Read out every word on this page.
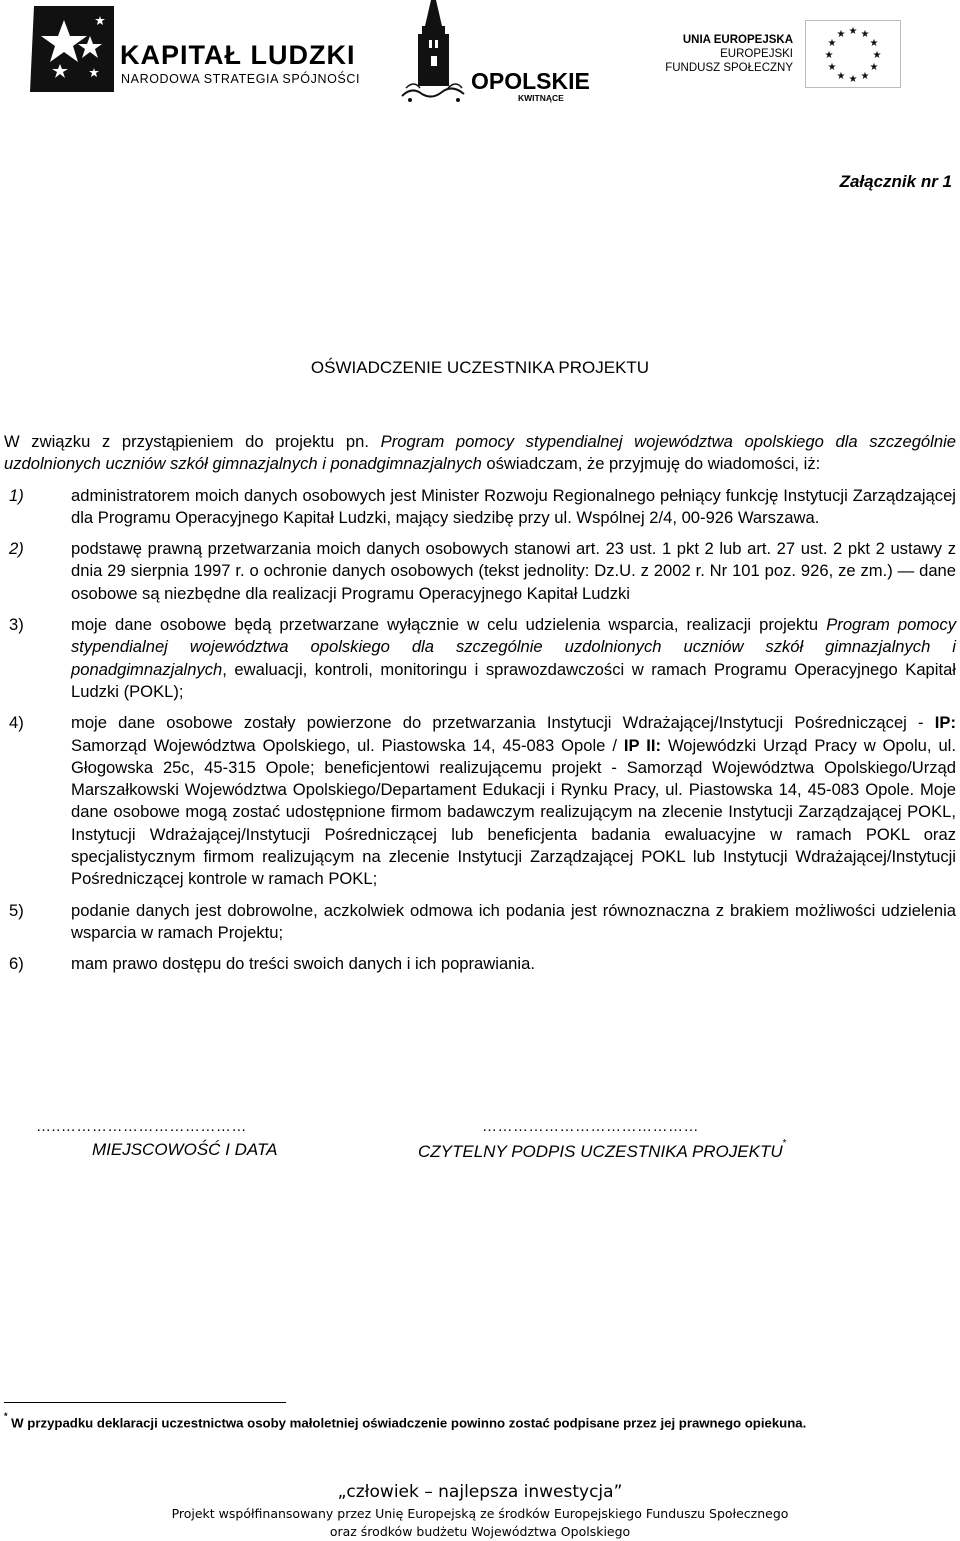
KAPITAŁ LUDZKI
NARODOWA STRATEGIA SPÓJNOŚCI	OPOLSKIE
KWITNĄCE
UNIA EUROPEJSKA
EUROPEJSKI
FUNDUSZ SPOŁECZNY
★ ★
★
★
★
★
★
★
★
★
★
★
Załącznik nr 1
OŚWIADCZENIE UCZESTNIKA PROJEKTU

W związku z przystąpieniem do projektu pn. Program pomocy stypendialnej województwa opolskiego dla szczególnie uzdolnionych uczniów szkół gimnazjalnych i ponadgimnazjalnych oświadczam, że przyjmuję do wiadomości, iż:

1)	administratorem moich danych osobowych jest Minister Rozwoju Regionalnego pełniący funkcję Instytucji Zarządzającej dla Programu Operacyjnego Kapitał Ludzki, mający siedzibę przy ul. Wspólnej 2/4, 00-926 Warszawa.
2)	podstawę prawną przetwarzania moich danych osobowych stanowi art. 23 ust. 1 pkt 2 lub art. 27 ust. 2 pkt 2 ustawy z dnia 29 sierpnia 1997 r. o ochronie danych osobowych (tekst jednolity: Dz.U. z 2002 r. Nr 101 poz. 926, ze zm.) — dane osobowe są niezbędne dla realizacji Programu Operacyjnego Kapitał Ludzki
3)	moje dane osobowe będą przetwarzane wyłącznie w celu udzielenia wsparcia, realizacji projektu Program pomocy stypendialnej województwa opolskiego dla szczególnie uzdolnionych uczniów szkół gimnazjalnych i ponadgimnazjalnych, ewaluacji, kontroli, monitoringu i sprawozdawczości w ramach Programu Operacyjnego Kapitał Ludzki (POKL);
4)	moje dane osobowe zostały powierzone do przetwarzania Instytucji Wdrażającej/Instytucji Pośredniczącej - IP: Samorząd Województwa Opolskiego, ul. Piastowska 14, 45-083 Opole / IP II: Wojewódzki Urząd Pracy w Opolu, ul. Głogowska 25c, 45-315 Opole; beneficjentowi realizującemu projekt - Samorząd Województwa Opolskiego/Urząd Marszałkowski Województwa Opolskiego/Departament Edukacji i Rynku Pracy, ul. Piastowska 14, 45-083 Opole. Moje dane osobowe mogą zostać udostępnione firmom badawczym realizującym na zlecenie Instytucji Zarządzającej POKL, Instytucji Wdrażającej/Instytucji Pośredniczącej lub beneficjenta badania ewaluacyjne w ramach POKL oraz specjalistycznym firmom realizującym na zlecenie Instytucji Zarządzającej POKL lub Instytucji Wdrażającej/Instytucji Pośredniczącej kontrole w ramach POKL;
5)	podanie danych jest dobrowolne, aczkolwiek odmowa ich podania jest równoznaczna z brakiem możliwości udzielenia wsparcia w ramach Projektu;
6)	mam prawo dostępu do treści swoich danych i ich poprawiania.
…..………………………………	……………………………………
MIEJSCOWOŚĆ I DATA	CZYTELNY PODPIS UCZESTNIKA PROJEKTU*
* W przypadku deklaracji uczestnictwa osoby małoletniej oświadczenie powinno zostać podpisane przez jej prawnego opiekuna.
„człowiek – najlepsza inwestycja”
Projekt współfinansowany przez Unię Europejską ze środków Europejskiego Funduszu Społecznego
oraz środków budżetu Województwa Opolskiego
